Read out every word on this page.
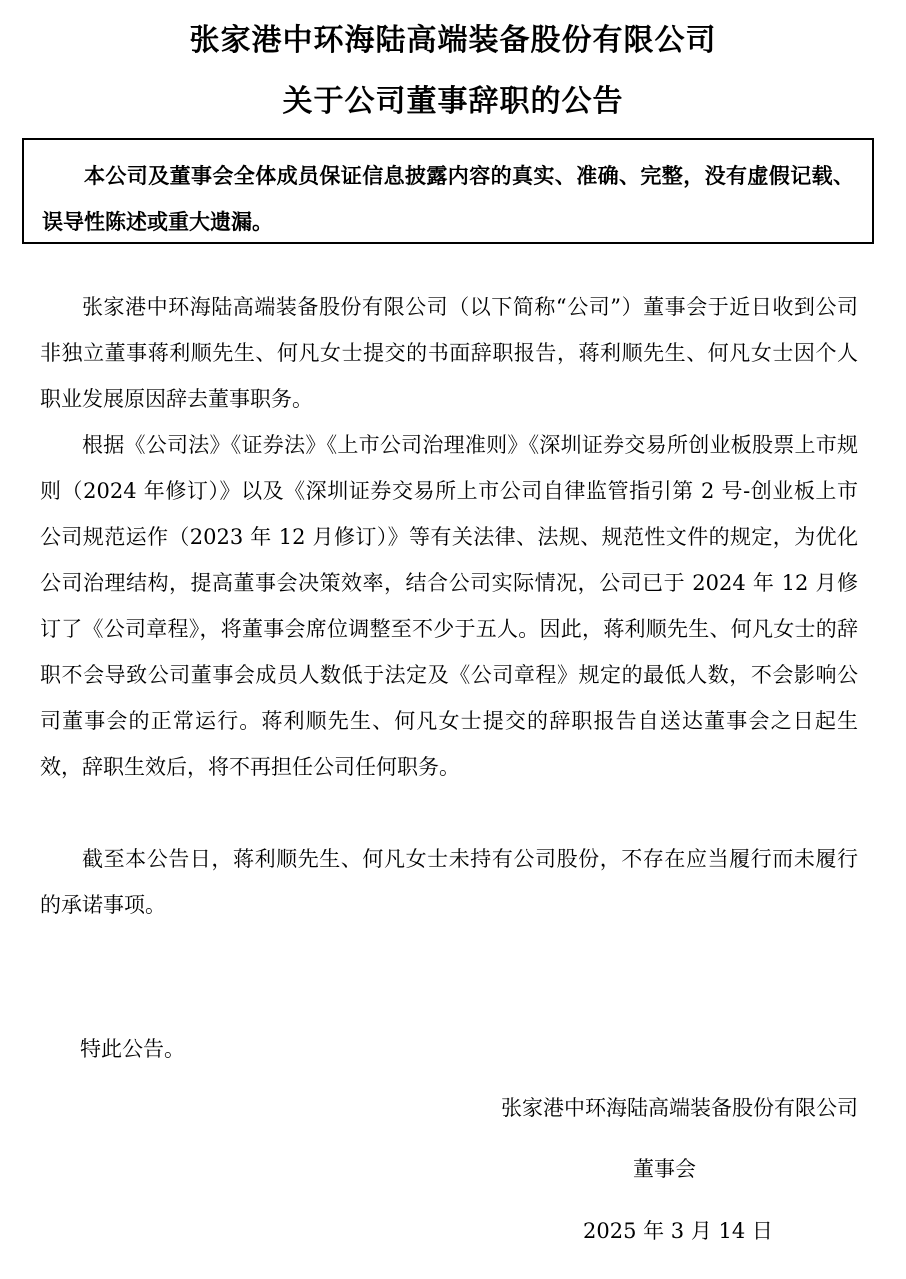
张家港中环海陆高端装备股份有限公司
关于公司董事辞职的公告
本公司及董事会全体成员保证信息披露内容的真实、准确、完整，没有虚假记载、误导性陈述或重大遗漏。

张家港中环海陆高端装备股份有限公司（以下简称“公司”）董事会于近日收到公司非独立董事蒋利顺先生、何凡女士提交的书面辞职报告，蒋利顺先生、何凡女士因个人职业发展原因辞去董事职务。

根据《公司法》《证券法》《上市公司治理准则》《深圳证券交易所创业板股票上市规则（2024 年修订）》以及《深圳证券交易所上市公司自律监管指引第 2 号-创业板上市公司规范运作（2023 年 12 月修订）》等有关法律、法规、规范性文件的规定，为优化公司治理结构，提高董事会决策效率，结合公司实际情况，公司已于 2024 年 12 月修订了《公司章程》，将董事会席位调整至不少于五人。因此，蒋利顺先生、何凡女士的辞职不会导致公司董事会成员人数低于法定及《公司章程》规定的最低人数，不会影响公司董事会的正常运行。蒋利顺先生、何凡女士提交的辞职报告自送达董事会之日起生效，辞职生效后，将不再担任公司任何职务。

截至本公告日，蒋利顺先生、何凡女士未持有公司股份，不存在应当履行而未履行的承诺事项。

特此公告。
张家港中环海陆高端装备股份有限公司
董事会
2025 年 3 月 14 日
